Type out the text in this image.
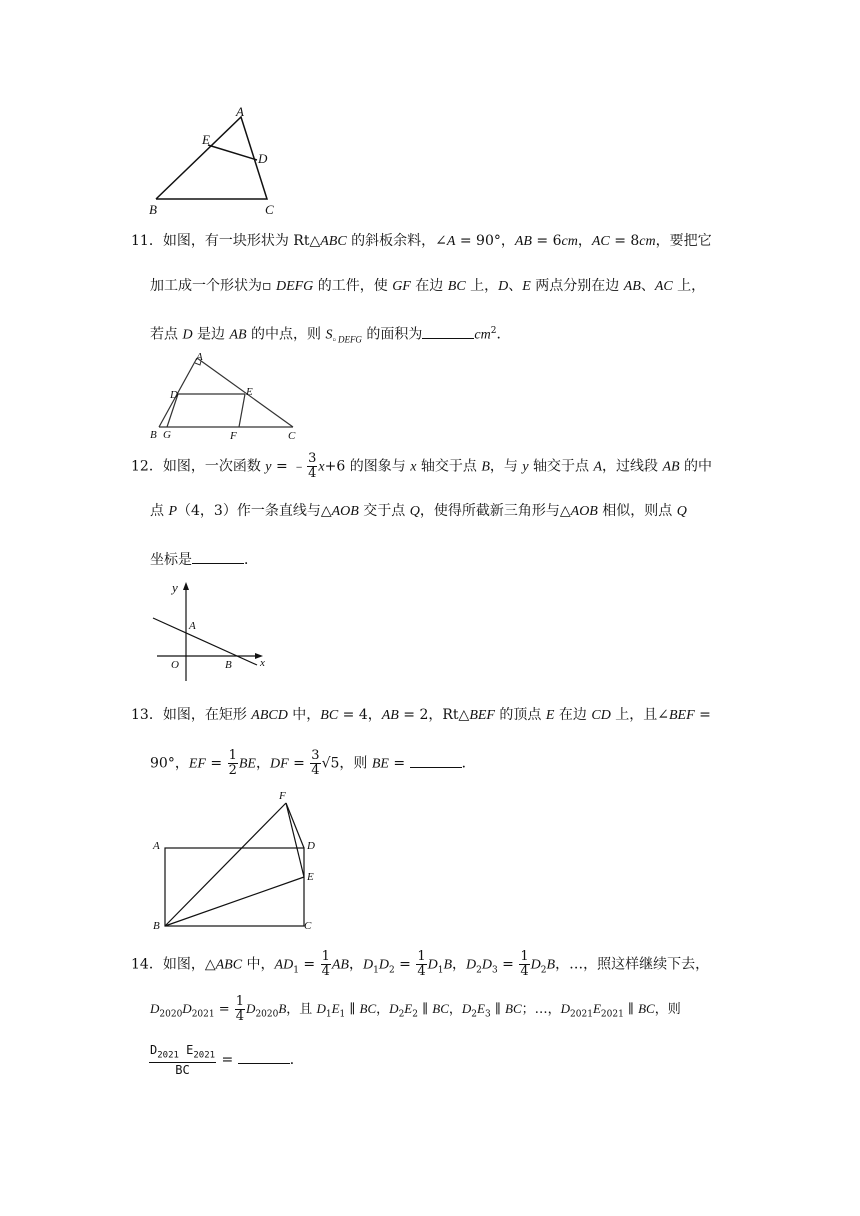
A
E
D
B	C
11．如图，有一块形状为 Rt△ABC 的斜板余料，∠A = 90°，AB = 6cm，AC = 8cm，要把它
加工成一个形状为▫ DEFG 的工件，使 GF 在边 BC 上，D、E 两点分别在边 AB、AC 上，
若点 D 是边 AB 的中点，则 $S_{▫ DEFG}$ 的面积为	$cm^2$．
A
D	E
B G	F	C
12．如图，一次函数 y = ﹣ $\frac{3}{4} x+6$ 的图象与 x 轴交于点 B，与 y 轴交于点 A，过线段 AB 的中
点 P（4，3）作一条直线与△AOB 交于点 Q，使得所截新三角形与△AOB 相似，则点 Q
坐标是	．
y
A
O	B	x
13．如图，在矩形 ABCD 中，BC = 4，AB = 2，Rt△BEF 的顶点 E 在边 CD 上，且∠BEF =
90°，EF = $\frac{1}{2}$ BE，DF = $\frac{3}{4} √5$，则 BE =	．
F
A	D
E
B	C
14．如图，△ABC 中，$AD_1 = \frac{1}{4}$ AB，$D_1D_2 = \frac{1}{4} D_1B$，$D_2D_3 = \frac{1}{4} D_2B$，…，照这样继续下去，
$D_{2020}D_{2021} = \frac{1}{4} D_{2020}B$，且 $D_1E_1$ ∥ BC，$D_2E_2$ ∥ BC，$D_2E_3$ ∥ BC；…，$D_{2021}E_{2021}$ ∥ BC，则
$\frac{D_{2021} E_{2021}}{BC}$ =	．
